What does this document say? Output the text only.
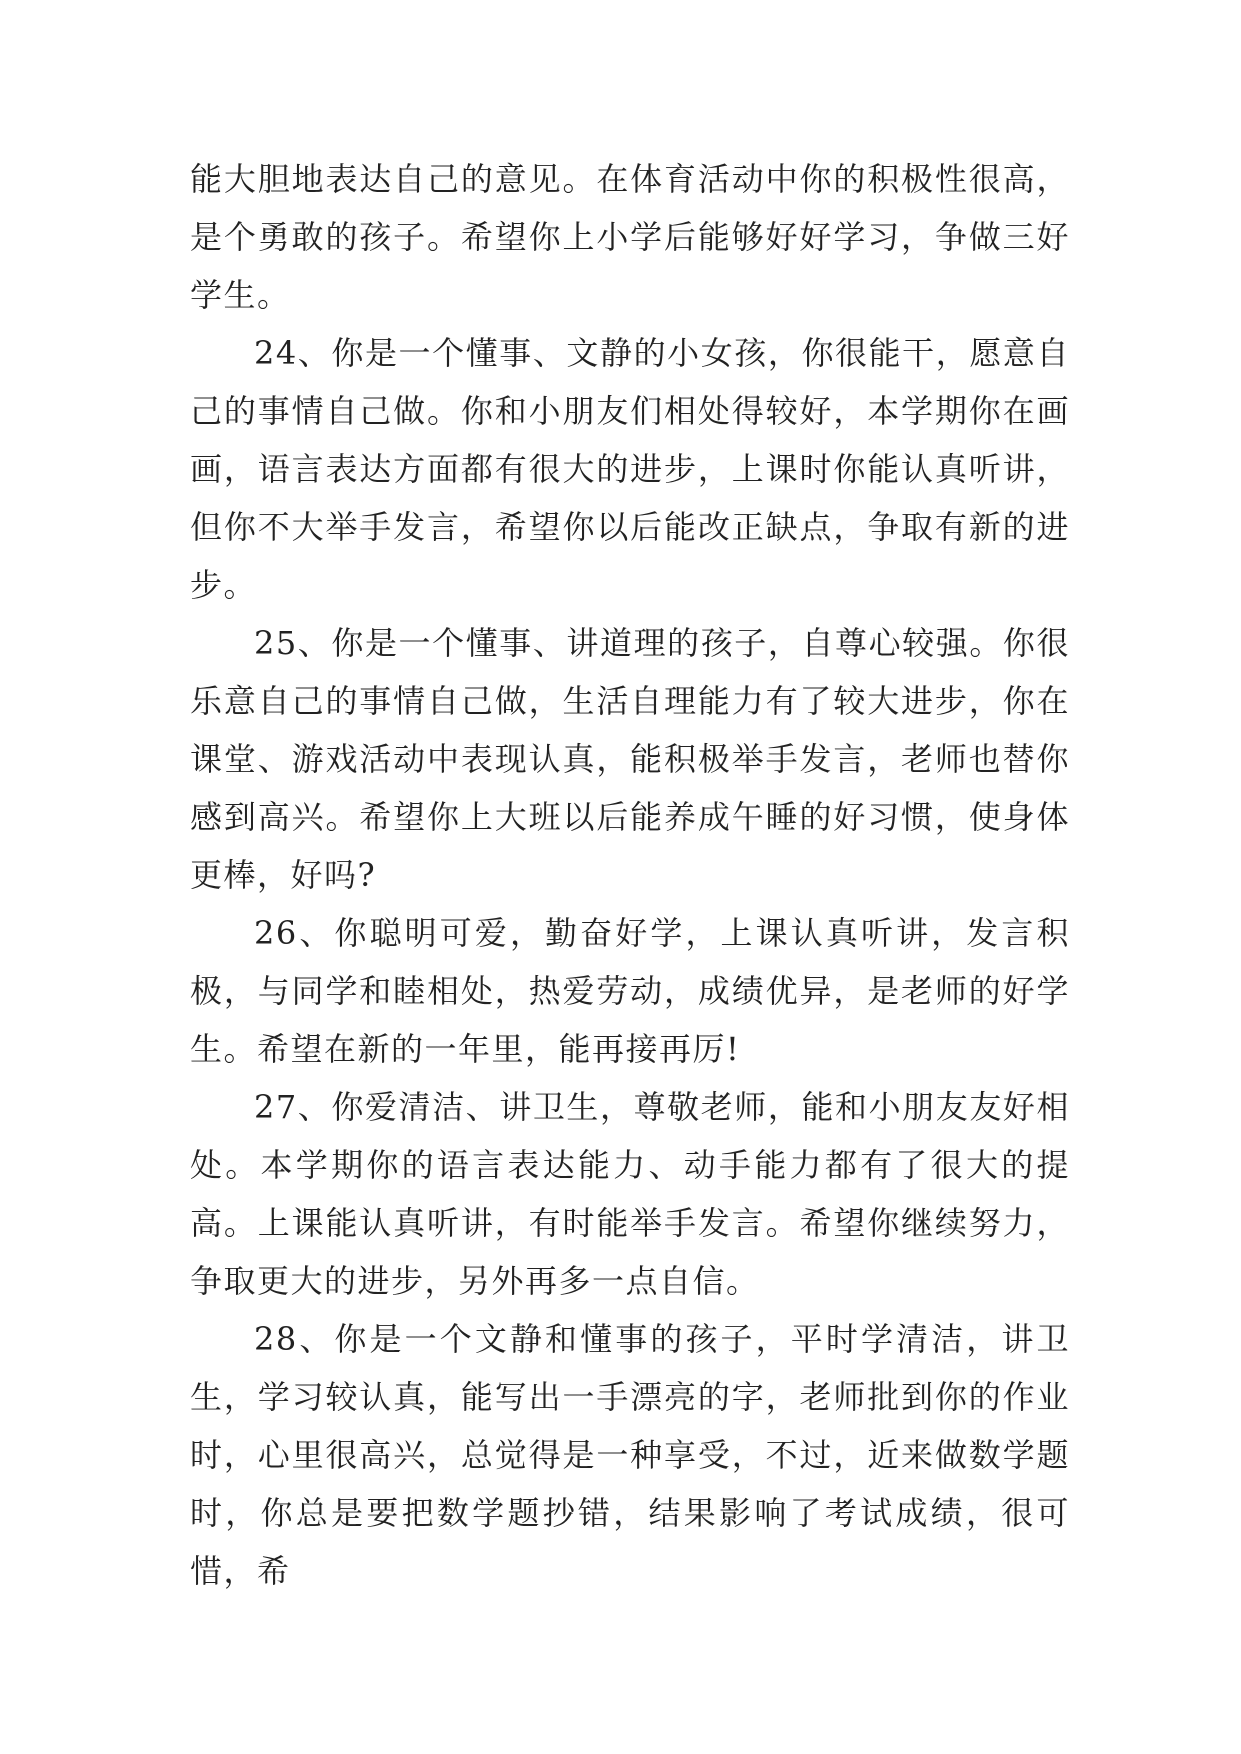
能大胆地表达自己的意见。在体育活动中你的积极性很高，是个勇敢的孩子。希望你上小学后能够好好学习，争做三好学生。

24、你是一个懂事、文静的小女孩，你很能干，愿意自己的事情自己做。你和小朋友们相处得较好，本学期你在画画，语言表达方面都有很大的进步，上课时你能认真听讲，但你不大举手发言，希望你以后能改正缺点，争取有新的进步。

25、你是一个懂事、讲道理的孩子，自尊心较强。你很乐意自己的事情自己做，生活自理能力有了较大进步，你在课堂、游戏活动中表现认真，能积极举手发言，老师也替你感到高兴。希望你上大班以后能养成午睡的好习惯，使身体更棒，好吗?

26、你聪明可爱，勤奋好学，上课认真听讲，发言积极，与同学和睦相处，热爱劳动，成绩优异，是老师的好学生。希望在新的一年里，能再接再厉!

27、你爱清洁、讲卫生，尊敬老师，能和小朋友友好相处。本学期你的语言表达能力、动手能力都有了很大的提高。上课能认真听讲，有时能举手发言。希望你继续努力，争取更大的进步，另外再多一点自信。

28、你是一个文静和懂事的孩子，平时学清洁，讲卫生，学习较认真，能写出一手漂亮的字，老师批到你的作业时，心里很高兴，总觉得是一种享受，不过，近来做数学题时，你总是要把数学题抄错，结果影响了考试成绩，很可惜，希
